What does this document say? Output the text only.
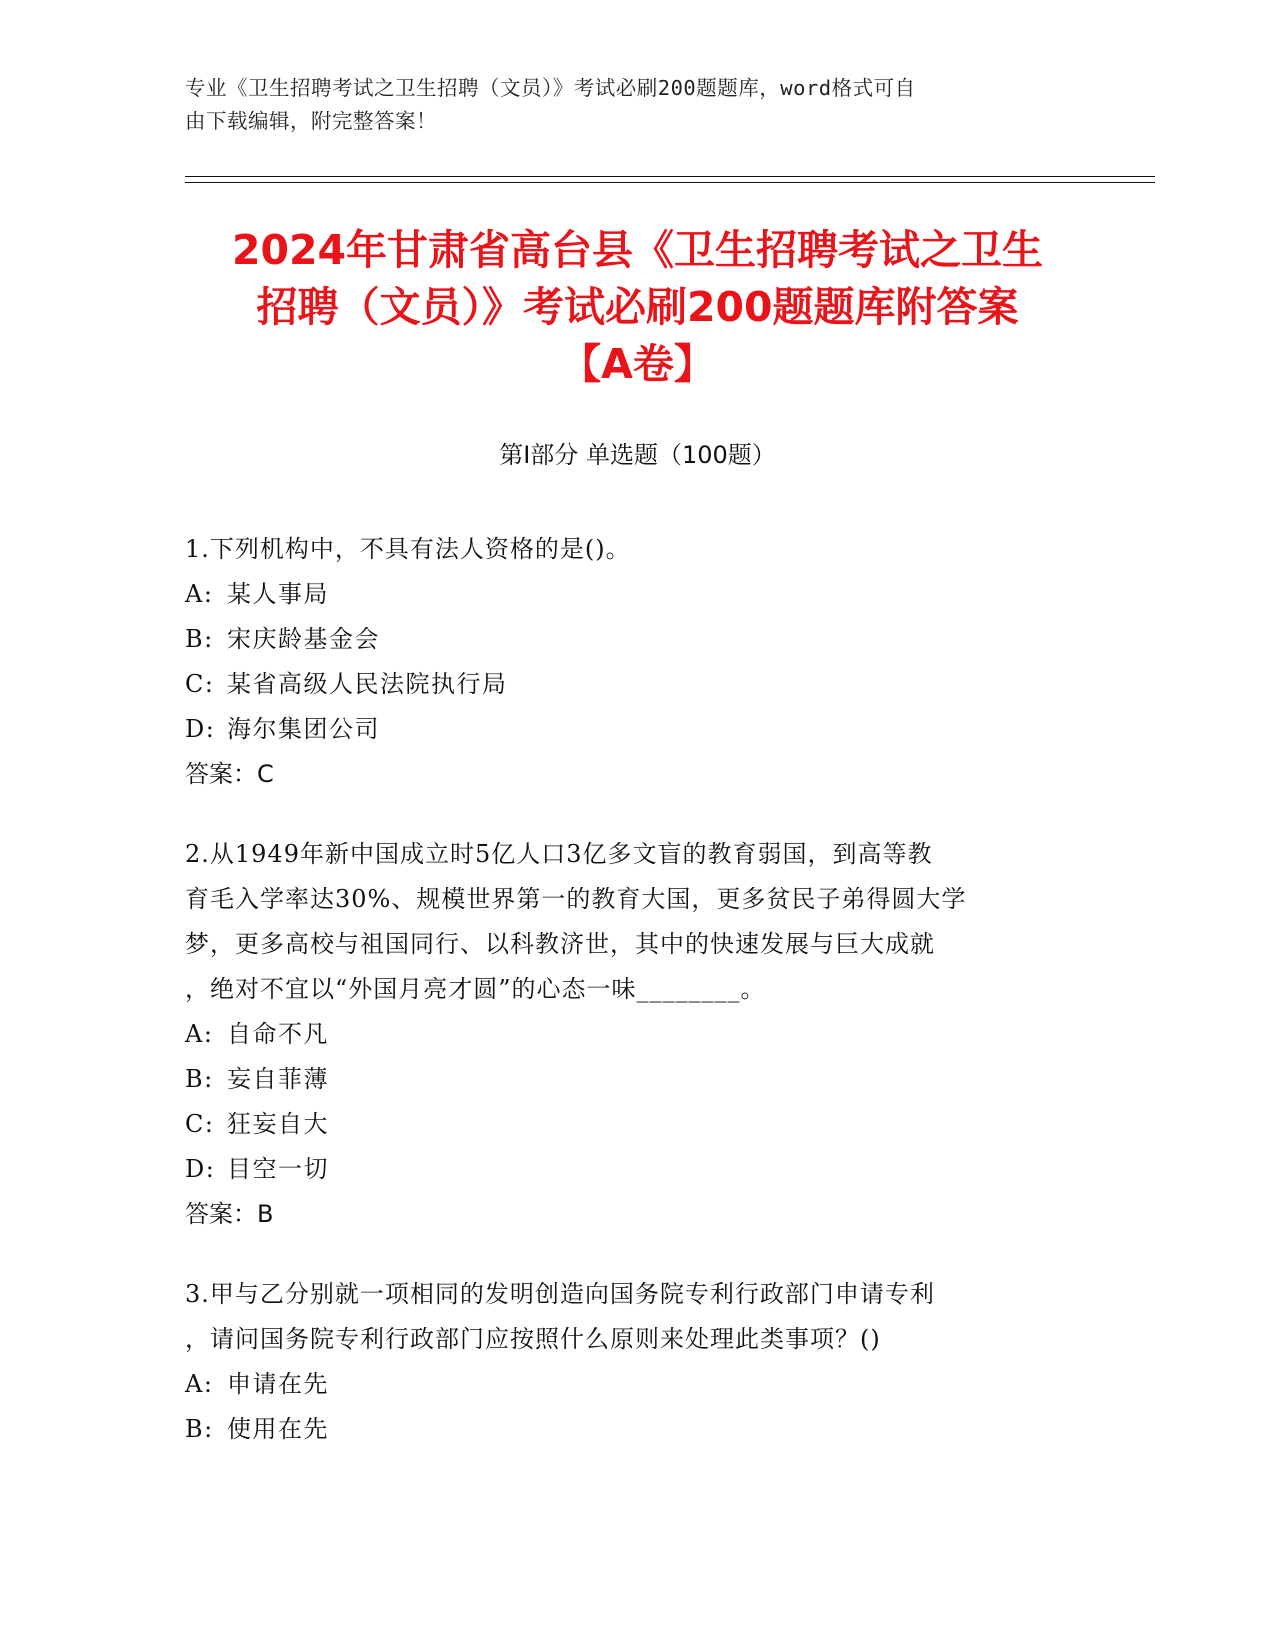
专业《卫生招聘考试之卫生招聘（文员）》考试必刷200题题库，word格式可自
由下载编辑，附完整答案！
2024年甘肃省高台县《卫生招聘考试之卫生
招聘（文员）》考试必刷200题题库附答案
【A卷】
第Ⅰ部分 单选题（100题）
1.下列机构中，不具有法人资格的是()。
A: 某人事局
B: 宋庆龄基金会
C: 某省高级人民法院执行局
D: 海尔集团公司
答案：C
2.从1949年新中国成立时5亿人口3亿多文盲的教育弱国，到高等教
育毛入学率达30%、规模世界第一的教育大国，更多贫民子弟得圆大学
梦，更多高校与祖国同行、以科教济世，其中的快速发展与巨大成就
，绝对不宜以“外国月亮才圆”的心态一味________。
A: 自命不凡
B: 妄自菲薄
C: 狂妄自大
D: 目空一切
答案：B
3.甲与乙分别就一项相同的发明创造向国务院专利行政部门申请专利
，请问国务院专利行政部门应按照什么原则来处理此类事项？()
A: 申请在先
B: 使用在先
